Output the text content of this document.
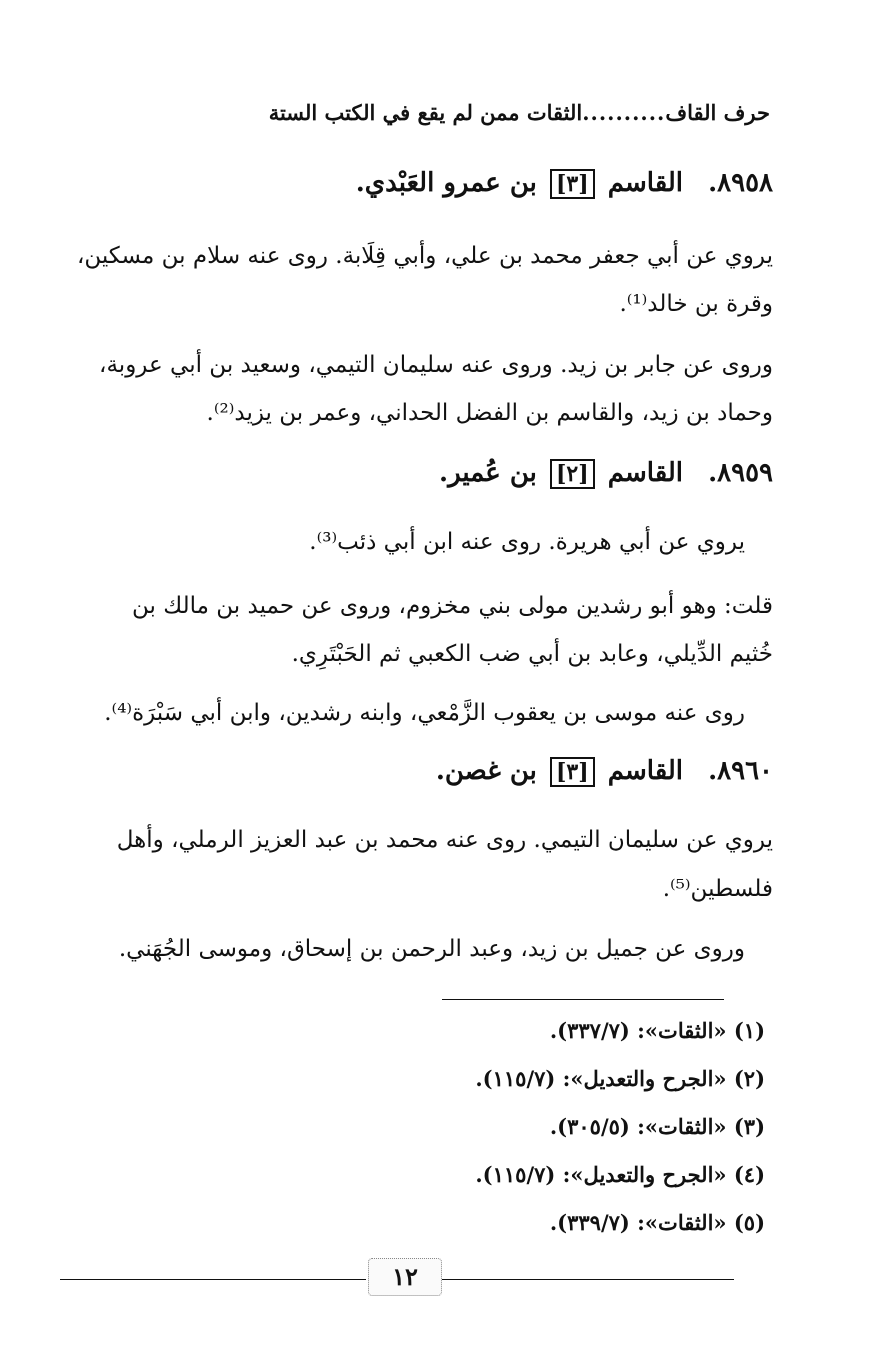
حرف القاف
..........
الثقات ممن لم يقع في الكتب الستة
٨٩٥٨. القاسم [٣] بن عمرو العَبْدي.
يروي عن أبي جعفر محمد بن علي، وأبي قِلَابة. روى عنه سلام بن مسكين،
وقرة بن خالد⁽¹⁾.
وروى عن جابر بن زيد. وروى عنه سليمان التيمي، وسعيد بن أبي عروبة،
وحماد بن زيد، والقاسم بن الفضل الحداني، وعمر بن يزيد⁽²⁾.
٨٩٥٩. القاسم [٢] بن عُمير.
يروي عن أبي هريرة. روى عنه ابن أبي ذئب⁽³⁾.
قلت: وهو أبو رشدين مولى بني مخزوم، وروى عن حميد بن مالك بن
خُثيم الدِّيلي، وعابد بن أبي ضب الكعبي ثم الحَبْتَرِي.
روى عنه موسى بن يعقوب الزَّمْعي، وابنه رشدين، وابن أبي سَبْرَة⁽⁴⁾.
٨٩٦٠. القاسم [٣] بن غصن.
يروي عن سليمان التيمي. روى عنه محمد بن عبد العزيز الرملي، وأهل
فلسطين⁽⁵⁾.
وروى عن جميل بن زيد، وعبد الرحمن بن إسحاق، وموسى الجُهَني.
(١) «الثقات»: (٣٣٧/٧).
(٢) «الجرح والتعديل»: (١١٥/٧).
(٣) «الثقات»: (٣٠٥/٥).
(٤) «الجرح والتعديل»: (١١٥/٧).
(٥) «الثقات»: (٣٣٩/٧).
١٢
